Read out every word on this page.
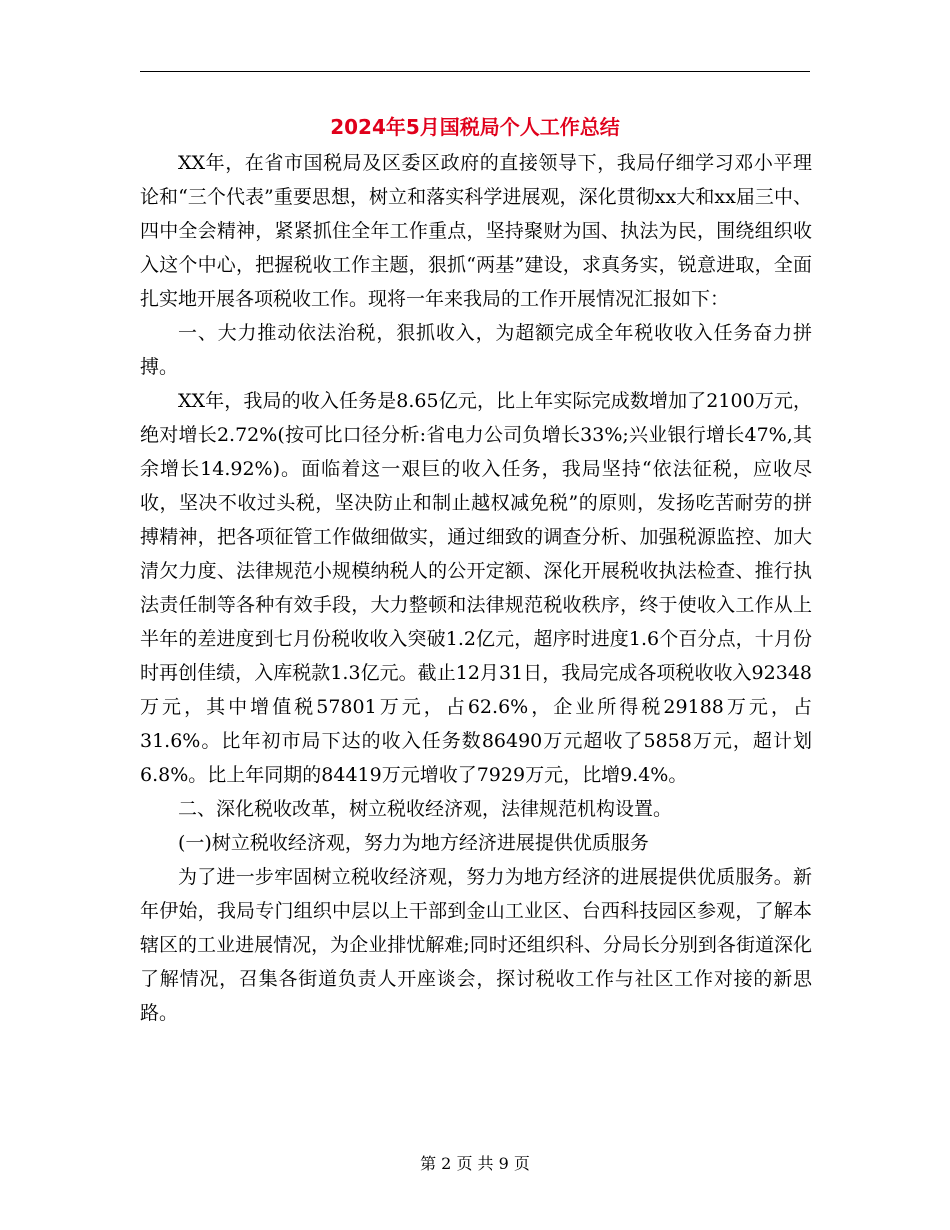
2024年5月国税局个人工作总结

XX年，在省市国税局及区委区政府的直接领导下，我局仔细学习邓小平理论和“三个代表”重要思想，树立和落实科学进展观，深化贯彻xx大和xx届三中、四中全会精神，紧紧抓住全年工作重点，坚持聚财为国、执法为民，围绕组织收入这个中心，把握税收工作主题，狠抓“两基”建设，求真务实，锐意进取，全面扎实地开展各项税收工作。现将一年来我局的工作开展情况汇报如下：

一、大力推动依法治税，狠抓收入，为超额完成全年税收收入任务奋力拼搏。

XX年，我局的收入任务是8.65亿元，比上年实际完成数增加了2100万元，绝对增长2.72%(按可比口径分析:省电力公司负增长33%;兴业银行增长47%,其余增长14.92%)。面临着这一艰巨的收入任务，我局坚持“依法征税，应收尽收，坚决不收过头税，坚决防止和制止越权减免税”的原则，发扬吃苦耐劳的拼搏精神，把各项征管工作做细做实，通过细致的调查分析、加强税源监控、加大清欠力度、法律规范小规模纳税人的公开定额、深化开展税收执法检查、推行执法责任制等各种有效手段，大力整顿和法律规范税收秩序，终于使收入工作从上半年的差进度到七月份税收收入突破1.2亿元，超序时进度1.6个百分点，十月份时再创佳绩，入库税款1.3亿元。截止12月31日，我局完成各项税收收入92348万元，其中增值税57801万元，占62.6%，企业所得税29188万元，占31.6%。比年初市局下达的收入任务数86490万元超收了5858万元，超计划6.8%。比上年同期的84419万元增收了7929万元，比增9.4%。

二、深化税收改革，树立税收经济观，法律规范机构设置。

(一)树立税收经济观，努力为地方经济进展提供优质服务

为了进一步牢固树立税收经济观，努力为地方经济的进展提供优质服务。新年伊始，我局专门组织中层以上干部到金山工业区、台西科技园区参观，了解本辖区的工业进展情况，为企业排忧解难;同时还组织科、分局长分别到各街道深化了解情况，召集各街道负责人开座谈会，探讨税收工作与社区工作对接的新思路。

第 2 页 共 9 页
